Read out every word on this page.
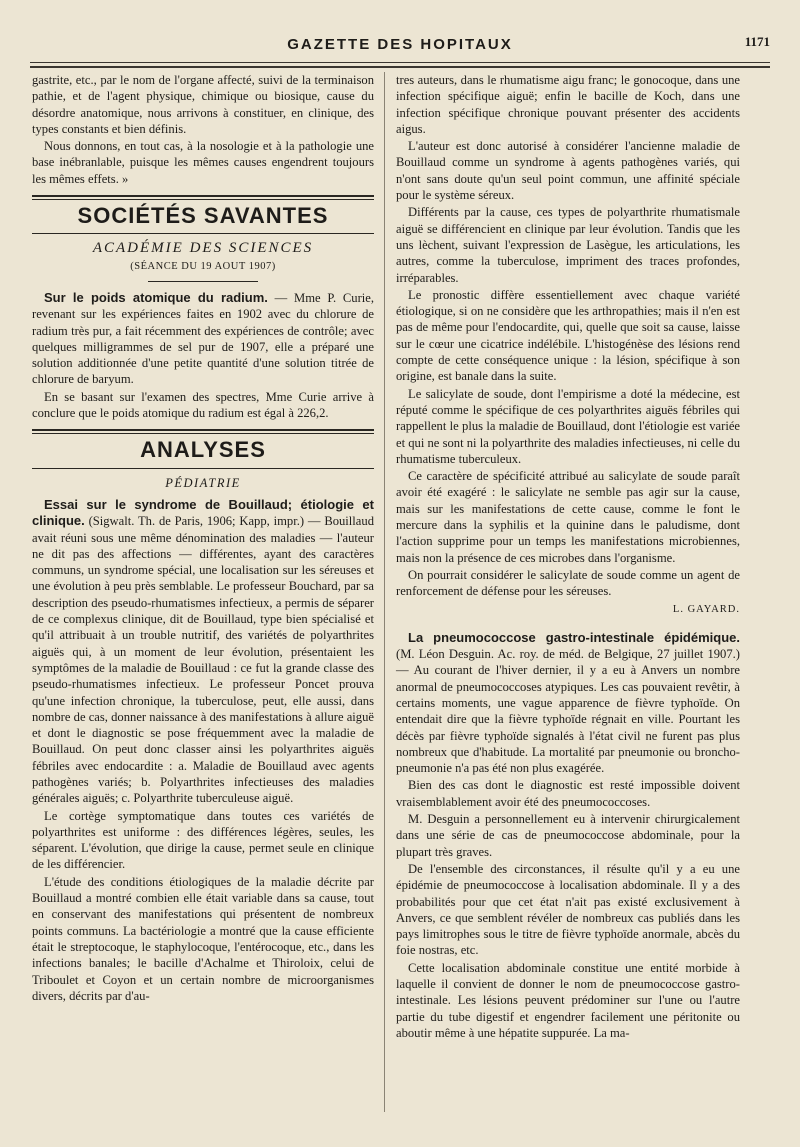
GAZETTE DES HOPITAUX	1171

gastrite, etc., par le nom de l'organe affecté, suivi de la terminaison pathie, et de l'agent physique, chimique ou biosique, cause du désordre anatomique, nous arrivons à constituer, en clinique, des types constants et bien définis.

Nous donnons, en tout cas, à la nosologie et à la pathologie une base inébranlable, puisque les mêmes causes engendrent toujours les mêmes effets. »

SOCIÉTÉS SAVANTES
ACADÉMIE DES SCIENCES
(SÉANCE DU 19 AOUT 1907)

Sur le poids atomique du radium. — Mme P. Curie, revenant sur les expériences faites en 1902 avec du chlorure de radium très pur, a fait récemment des expériences de contrôle; avec quelques milligrammes de sel pur de 1907, elle a préparé une solution additionnée d'une petite quantité d'une solution titrée de chlorure de baryum.

En se basant sur l'examen des spectres, Mme Curie arrive à conclure que le poids atomique du radium est égal à 226,2.

ANALYSES
PÉDIATRIE

Essai sur le syndrome de Bouillaud; étiologie et clinique. (Sigwalt. Th. de Paris, 1906; Kapp, impr.) — Bouillaud avait réuni sous une même dénomination des maladies — l'auteur ne dit pas des affections — différentes, ayant des caractères communs, un syndrome spécial, une localisation sur les séreuses et une évolution à peu près semblable. Le professeur Bouchard, par sa description des pseudo-rhumatismes infectieux, a permis de séparer de ce complexus clinique, dit de Bouillaud, type bien spécialisé et qu'il attribuait à un trouble nutritif, des variétés de polyarthrites aiguës qui, à un moment de leur évolution, présentaient les symptômes de la maladie de Bouillaud : ce fut la grande classe des pseudo-rhumatismes infectieux. Le professeur Poncet prouva qu'une infection chronique, la tuberculose, peut, elle aussi, dans nombre de cas, donner naissance à des manifestations à allure aiguë et dont le diagnostic se pose fréquemment avec la maladie de Bouillaud. On peut donc classer ainsi les polyarthrites aiguës fébriles avec endocardite : a. Maladie de Bouillaud avec agents pathogènes variés; b. Polyarthrites infectieuses des maladies générales aiguës; c. Polyarthrite tuberculeuse aiguë.

Le cortège symptomatique dans toutes ces variétés de polyarthrites est uniforme : des différences légères, seules, les séparent. L'évolution, que dirige la cause, permet seule en clinique de les différencier.

L'étude des conditions étiologiques de la maladie décrite par Bouillaud a montré combien elle était variable dans sa cause, tout en conservant des manifestations qui présentent de nombreux points communs. La bactériologie a montré que la cause efficiente était le streptocoque, le staphylocoque, l'entérocoque, etc., dans les infections banales; le bacille d'Achalme et Thiroloix, celui de Triboulet et Coyon et un certain nombre de microorganismes divers, décrits par d'au-

tres auteurs, dans le rhumatisme aigu franc; le gonocoque, dans une infection spécifique aiguë; enfin le bacille de Koch, dans une infection spécifique chronique pouvant présenter des accidents aigus.

L'auteur est donc autorisé à considérer l'ancienne maladie de Bouillaud comme un syndrome à agents pathogènes variés, qui n'ont sans doute qu'un seul point commun, une affinité spéciale pour le système séreux.

Différents par la cause, ces types de polyarthrite rhumatismale aiguë se différencient en clinique par leur évolution. Tandis que les uns lèchent, suivant l'expression de Lasègue, les articulations, les autres, comme la tuberculose, impriment des traces profondes, irréparables.

Le pronostic diffère essentiellement avec chaque variété étiologique, si on ne considère que les arthropathies; mais il n'en est pas de même pour l'endocardite, qui, quelle que soit sa cause, laisse sur le cœur une cicatrice indélébile. L'histogénèse des lésions rend compte de cette conséquence unique : la lésion, spécifique à son origine, est banale dans la suite.

Le salicylate de soude, dont l'empirisme a doté la médecine, est réputé comme le spécifique de ces polyarthrites aiguës fébriles qui rappellent le plus la maladie de Bouillaud, dont l'étiologie est variée et qui ne sont ni la polyarthrite des maladies infectieuses, ni celle du rhumatisme tuberculeux.

Ce caractère de spécificité attribué au salicylate de soude paraît avoir été exagéré : le salicylate ne semble pas agir sur la cause, mais sur les manifestations de cette cause, comme le font le mercure dans la syphilis et la quinine dans le paludisme, dont l'action supprime pour un temps les manifestations microbiennes, mais non la présence de ces microbes dans l'organisme.

On pourrait considérer le salicylate de soude comme un agent de renforcement de défense pour les séreuses.

L. GAYARD.

La pneumococcose gastro-intestinale épidémique. (M. Léon Desguin. Ac. roy. de méd. de Belgique, 27 juillet 1907.) — Au courant de l'hiver dernier, il y a eu à Anvers un nombre anormal de pneumococcoses atypiques. Les cas pouvaient revêtir, à certains moments, une vague apparence de fièvre typhoïde. On entendait dire que la fièvre typhoïde régnait en ville. Pourtant les décès par fièvre typhoïde signalés à l'état civil ne furent pas plus nombreux que d'habitude. La mortalité par pneumonie ou broncho-pneumonie n'a pas été non plus exagérée.

Bien des cas dont le diagnostic est resté impossible doivent vraisemblablement avoir été des pneumococcoses.

M. Desguin a personnellement eu à intervenir chirurgicalement dans une série de cas de pneumococcose abdominale, pour la plupart très graves.

De l'ensemble des circonstances, il résulte qu'il y a eu une épidémie de pneumococcose à localisation abdominale. Il y a des probabilités pour que cet état n'ait pas existé exclusivement à Anvers, ce que semblent révéler de nombreux cas publiés dans les pays limitrophes sous le titre de fièvre typhoïde anormale, abcès du foie nostras, etc.

Cette localisation abdominale constitue une entité morbide à laquelle il convient de donner le nom de pneumococcose gastro-intestinale. Les lésions peuvent prédominer sur l'une ou l'autre partie du tube digestif et engendrer facilement une péritonite ou aboutir même à une hépatite suppurée. La ma-
